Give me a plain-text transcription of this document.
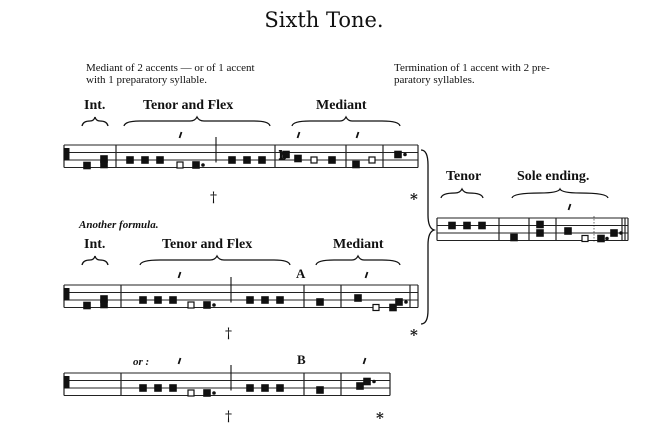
Sixth Tone.
Mediant of 2 accents — or of 1 accent
with 1 preparatory syllable.
Termination of 1 accent with 2 pre-
paratory syllables.
Int.	Tenor and Flex	Mediant
Another formula.
Int.	Tenor and Flex	Mediant
Tenor	Sole ending.
A
B
or :
†
†
†
*
*
*
b
